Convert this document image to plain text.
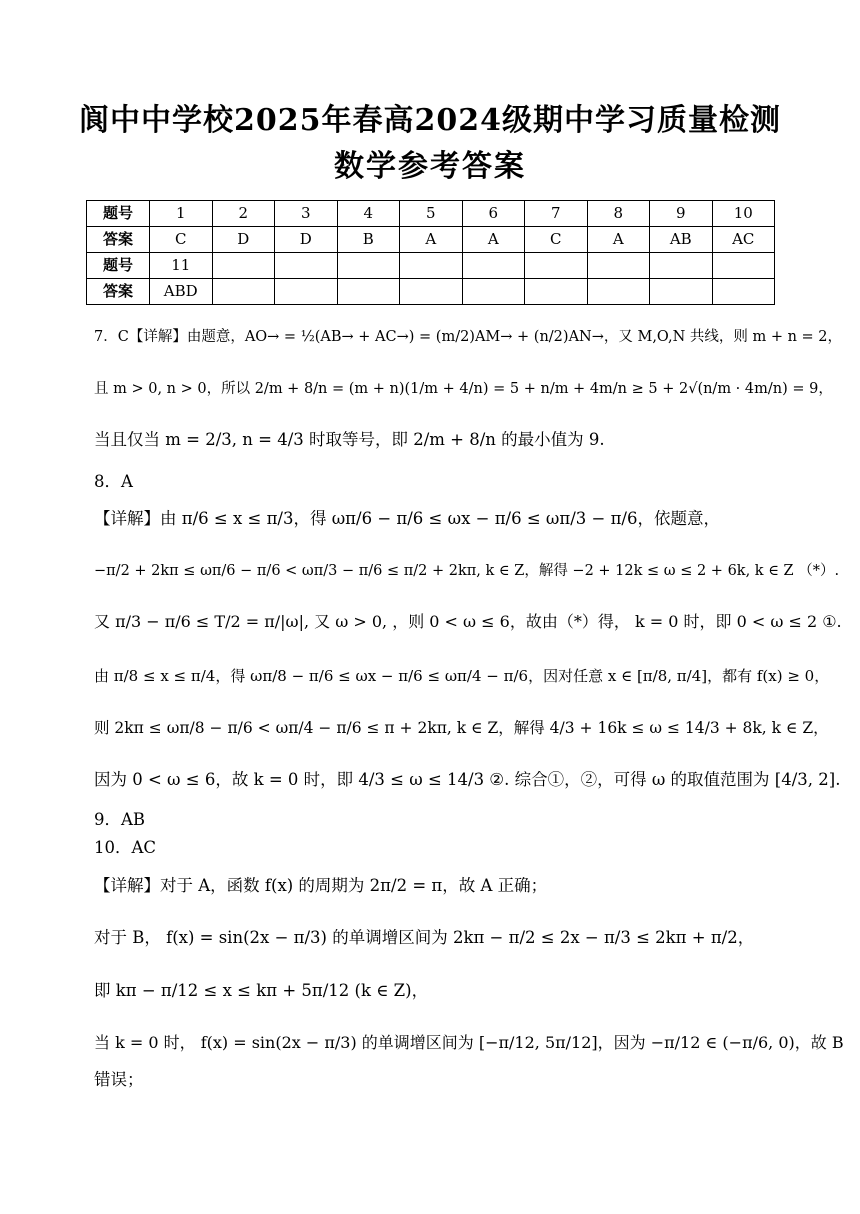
阆中中学校2025年春高2024级期中学习质量检测
数学参考答案
题号	1	2	3	4	5	6	7	8	9	10
答案	C	D	D	B	A	A	C	A	AB	AC
题号	11									
答案	ABD									
7．C【详解】由题意，AO→ = ½(AB→ + AC→) = (m/2)AM→ + (n/2)AN→，又 M,O,N 共线，则 m + n = 2，
且 m > 0, n > 0，所以 2/m + 8/n = (m + n)(1/m + 4/n) = 5 + n/m + 4m/n ≥ 5 + 2√(n/m · 4m/n) = 9，
当且仅当 m = 2/3, n = 4/3 时取等号，即 2/m + 8/n 的最小值为 9.
8．A
【详解】由 π/6 ≤ x ≤ π/3，得 ωπ/6 − π/6 ≤ ωx − π/6 ≤ ωπ/3 − π/6，依题意，
−π/2 + 2kπ ≤ ωπ/6 − π/6 < ωπ/3 − π/6 ≤ π/2 + 2kπ, k ∈ Z，解得 −2 + 12k ≤ ω ≤ 2 + 6k, k ∈ Z （*）.
又 π/3 − π/6 ≤ T/2 = π/|ω|, 又 ω > 0, ，则 0 < ω ≤ 6，故由（*）得， k = 0 时，即 0 < ω ≤ 2 ①.
由 π/8 ≤ x ≤ π/4，得 ωπ/8 − π/6 ≤ ωx − π/6 ≤ ωπ/4 − π/6，因对任意 x ∈ [π/8, π/4]，都有 f(x) ≥ 0，
则 2kπ ≤ ωπ/8 − π/6 < ωπ/4 − π/6 ≤ π + 2kπ, k ∈ Z，解得 4/3 + 16k ≤ ω ≤ 14/3 + 8k, k ∈ Z，
因为 0 < ω ≤ 6，故 k = 0 时，即 4/3 ≤ ω ≤ 14/3 ②. 综合①，②，可得 ω 的取值范围为 [4/3, 2].
9．AB
10．AC
【详解】对于 A，函数 f(x) 的周期为 2π/2 = π，故 A 正确；
对于 B， f(x) = sin(2x − π/3) 的单调增区间为 2kπ − π/2 ≤ 2x − π/3 ≤ 2kπ + π/2，
即 kπ − π/12 ≤ x ≤ kπ + 5π/12 (k ∈ Z)，
当 k = 0 时， f(x) = sin(2x − π/3) 的单调增区间为 [−π/12, 5π/12]，因为 −π/12 ∈ (−π/6, 0)，故 B
错误；
